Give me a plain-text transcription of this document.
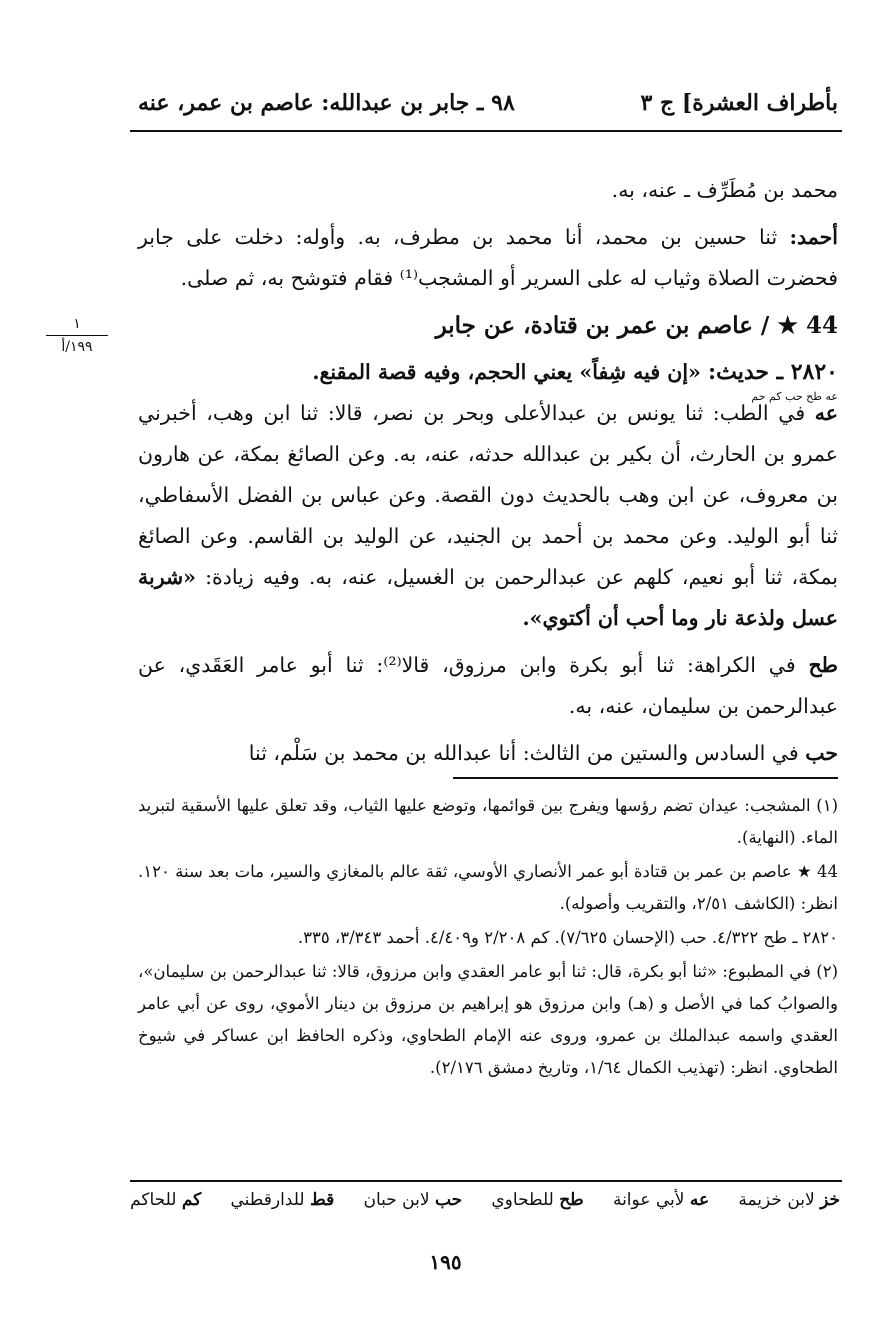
بأطراف العشرة] ج ٣
٩٨ ـ جابر بن عبدالله: عاصم بن عمر، عنه
١
١٩٩/أ

محمد بن مُطَرِّف ـ عنه، به.

أحمد: ثنا حسين بن محمد، أنا محمد بن مطرف، به. وأوله: دخلت على جابر فحضرت الصلاة وثياب له على السرير أو المشجب⁽¹⁾ فقام فتوشح به، ثم صلى.

44 ★ / عاصم بن عمر بن قتادة، عن جابر

٢٨٢٠ ـ حديث: «إن فيه شِفاً» يعني الحجم، وفيه قصة المقنع.

عه طح حب كم حم

عه في الطب: ثنا يونس بن عبدالأعلى وبحر بن نصر، قالا: ثنا ابن وهب، أخبرني عمرو بن الحارث، أن بكير بن عبدالله حدثه، عنه، به. وعن الصائغ بمكة، عن هارون بن معروف، عن ابن وهب بالحديث دون القصة. وعن عباس بن الفضل الأسفاطي، ثنا أبو الوليد. وعن محمد بن أحمد بن الجنيد، عن الوليد بن القاسم. وعن الصائغ بمكة، ثنا أبو نعيم، كلهم عن عبدالرحمن بن الغسيل، عنه، به. وفيه زيادة: «شربة عسل ولذعة نار وما أحب أن أكتوي».

طح في الكراهة: ثنا أبو بكرة وابن مرزوق، قالا⁽²⁾: ثنا أبو عامر العَقَدي، عن عبدالرحمن بن سليمان، عنه، به.

حب في السادس والستين من الثالث: أنا عبدالله بن محمد بن سَلْم، ثنا

(١) المشجب: عيدان تضم رؤسها ويفرج بين قوائمها، وتوضع عليها الثياب، وقد تعلق عليها الأسقية لتبريد الماء. (النهاية).

44 ★ عاصم بن عمر بن قتادة أبو عمر الأنصاري الأوسي، ثقة عالم بالمغازي والسير، مات بعد سنة ١٢٠. انظر: (الكاشف ٢/٥١، والتقريب وأصوله).

٢٨٢٠ ـ طح ٤/٣٢٢. حب (الإحسان ٧/٦٢٥). كم ٢/٢٠٨ و٤/٤٠٩. أحمد ٣/٣٤٣، ٣٣٥.

(٢) في المطبوع: «ثنا أبو بكرة، قال: ثنا أبو عامر العقدي وابن مرزوق، قالا: ثنا عبدالرحمن بن سليمان»، والصوابُ كما في الأصل و (هـ) وابن مرزوق هو إبراهيم بن مرزوق بن دينار الأموي، روى عن أبي عامر العقدي واسمه عبدالملك بن عمرو، وروى عنه الإمام الطحاوي، وذكره الحافظ ابن عساكر في شيوخ الطحاوي. انظر: (تهذيب الكمال ١/٦٤، وتاريخ دمشق ٢/١٧٦).

خز لابن خزيمة
عه لأبي عوانة
طح للطحاوي
حب لابن حبان
قط للدارقطني
كم للحاكم
١٩٥
